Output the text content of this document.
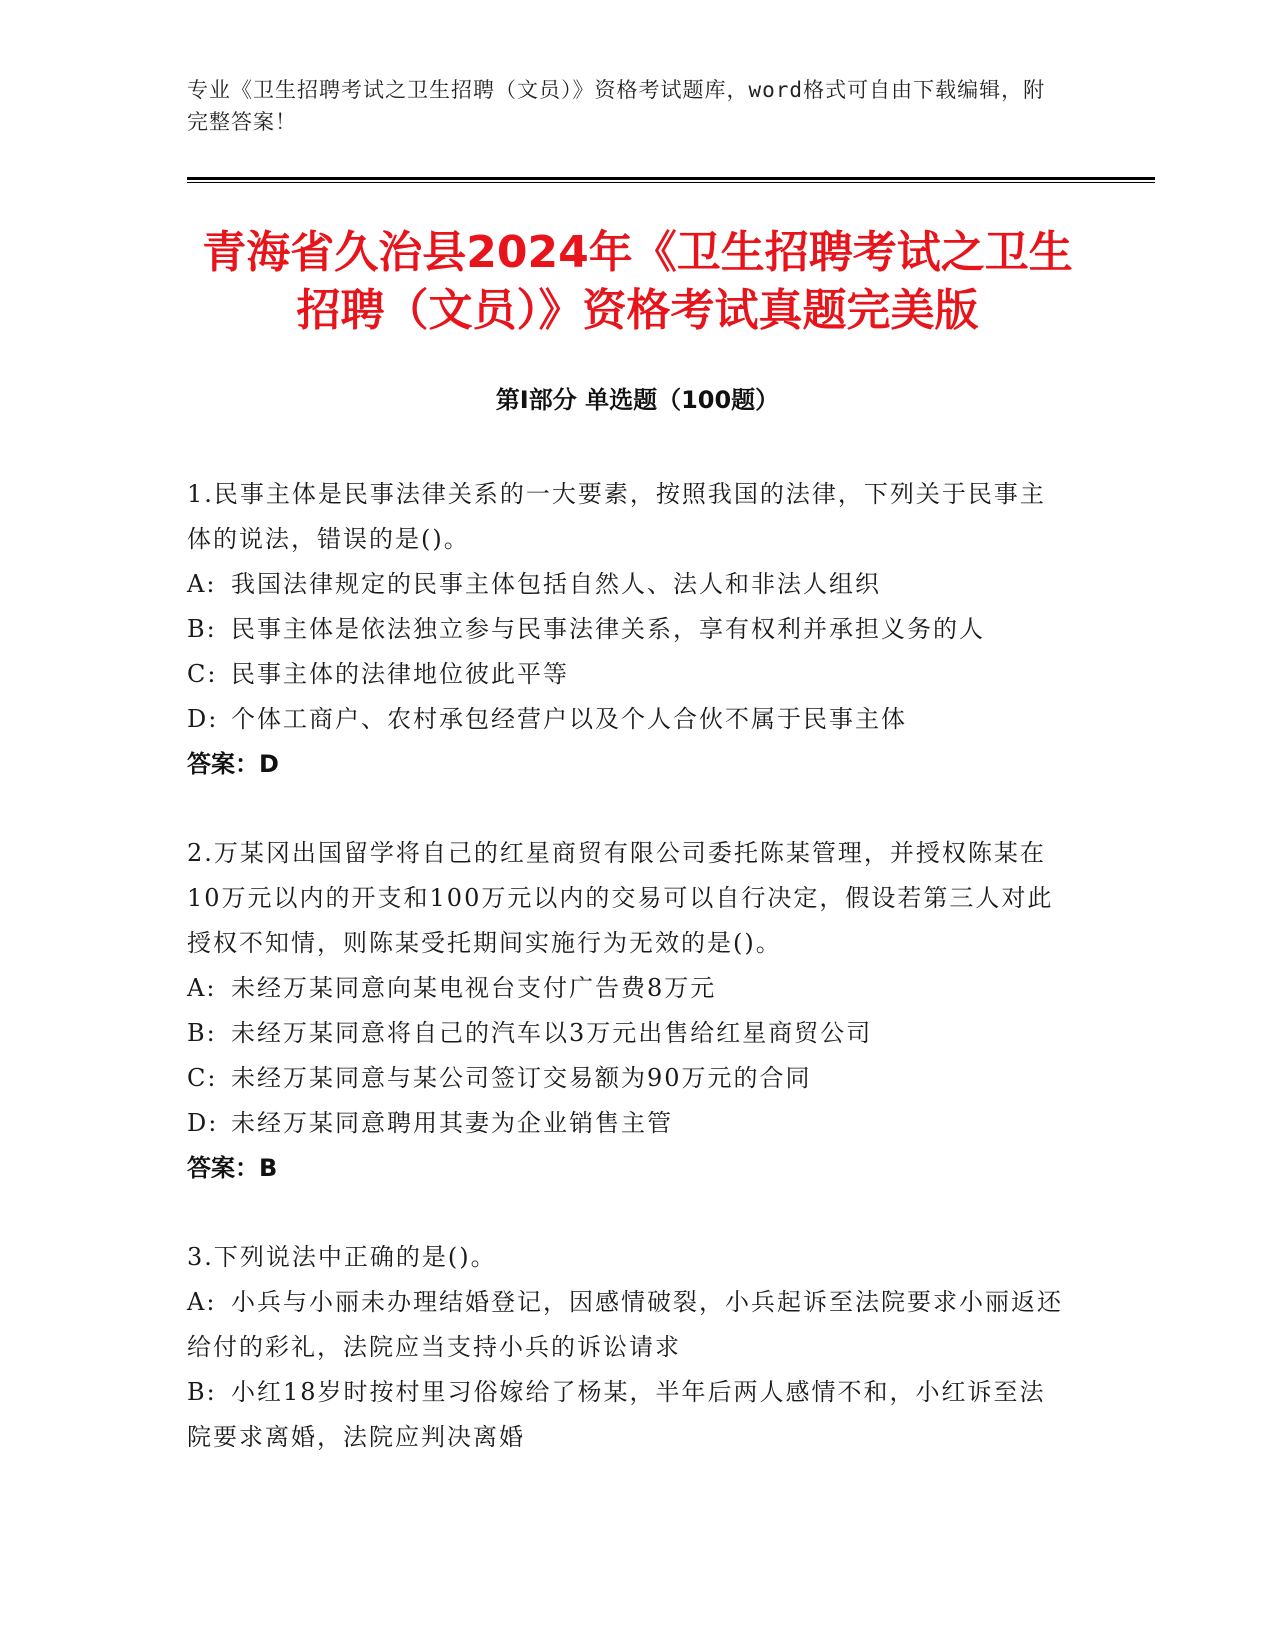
专业《卫生招聘考试之卫生招聘（文员）》资格考试题库，word格式可自由下载编辑，附完整答案！
青海省久治县2024年《卫生招聘考试之卫生
招聘（文员）》资格考试真题完美版
第Ⅰ部分 单选题（100题）

1.民事主体是民事法律关系的一大要素，按照我国的法律，下列关于民事主体的说法，错误的是()。

A: 我国法律规定的民事主体包括自然人、法人和非法人组织

B: 民事主体是依法独立参与民事法律关系，享有权利并承担义务的人

C: 民事主体的法律地位彼此平等

D: 个体工商户、农村承包经营户以及个人合伙不属于民事主体

答案：D

2.万某冈出国留学将自己的红星商贸有限公司委托陈某管理，并授权陈某在10万元以内的开支和100万元以内的交易可以自行决定，假设若第三人对此授权不知情，则陈某受托期间实施行为无效的是()。

A: 未经万某同意向某电视台支付广告费8万元

B: 未经万某同意将自己的汽车以3万元出售给红星商贸公司

C: 未经万某同意与某公司签订交易额为90万元的合同

D: 未经万某同意聘用其妻为企业销售主管

答案：B

3.下列说法中正确的是()。

A: 小兵与小丽未办理结婚登记，因感情破裂，小兵起诉至法院要求小丽返还给付的彩礼，法院应当支持小兵的诉讼请求

B: 小红18岁时按村里习俗嫁给了杨某，半年后两人感情不和，小红诉至法院要求离婚，法院应判决离婚
